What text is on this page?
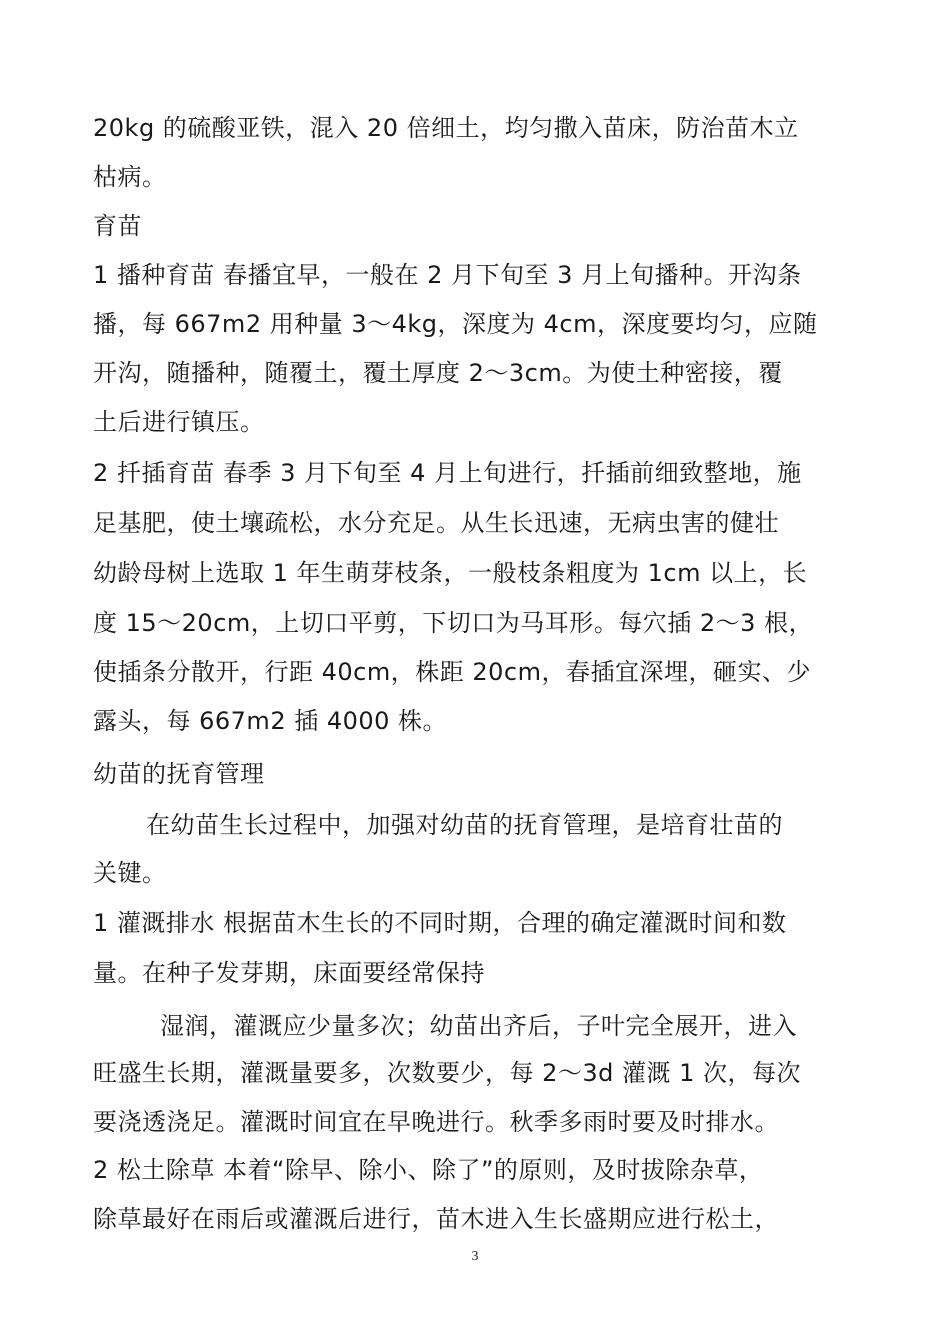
20kg 的硫酸亚铁，混入 20 倍细土，均匀撒入苗床，防治苗木立
枯病。
育苗
1 播种育苗 春播宜早，一般在 2 月下旬至 3 月上旬播种。开沟条
播，每 667m2 用种量 3～4kg，深度为 4cm，深度要均匀，应随
开沟，随播种，随覆土，覆土厚度 2～3cm。为使土种密接，覆
土后进行镇压。
2 扦插育苗 春季 3 月下旬至 4 月上旬进行，扦插前细致整地，施
足基肥，使土壤疏松，水分充足。从生长迅速，无病虫害的健壮
幼龄母树上选取 1 年生萌芽枝条，一般枝条粗度为 1cm 以上，长
度 15～20cm，上切口平剪，下切口为马耳形。每穴插 2～3 根，
使插条分散开，行距 40cm，株距 20cm，春插宜深埋，砸实、少
露头，每 667m2 插 4000 株。
幼苗的抚育管理
在幼苗生长过程中，加强对幼苗的抚育管理，是培育壮苗的
关键。
1 灌溉排水 根据苗木生长的不同时期，合理的确定灌溉时间和数
量。在种子发芽期，床面要经常保持
湿润，灌溉应少量多次；幼苗出齐后，子叶完全展开，进入
旺盛生长期，灌溉量要多，次数要少，每 2～3d 灌溉 1 次，每次
要浇透浇足。灌溉时间宜在早晚进行。秋季多雨时要及时排水。
2 松土除草 本着“除早、除小、除了”的原则，及时拔除杂草，
除草最好在雨后或灌溉后进行，苗木进入生长盛期应进行松土，
3
